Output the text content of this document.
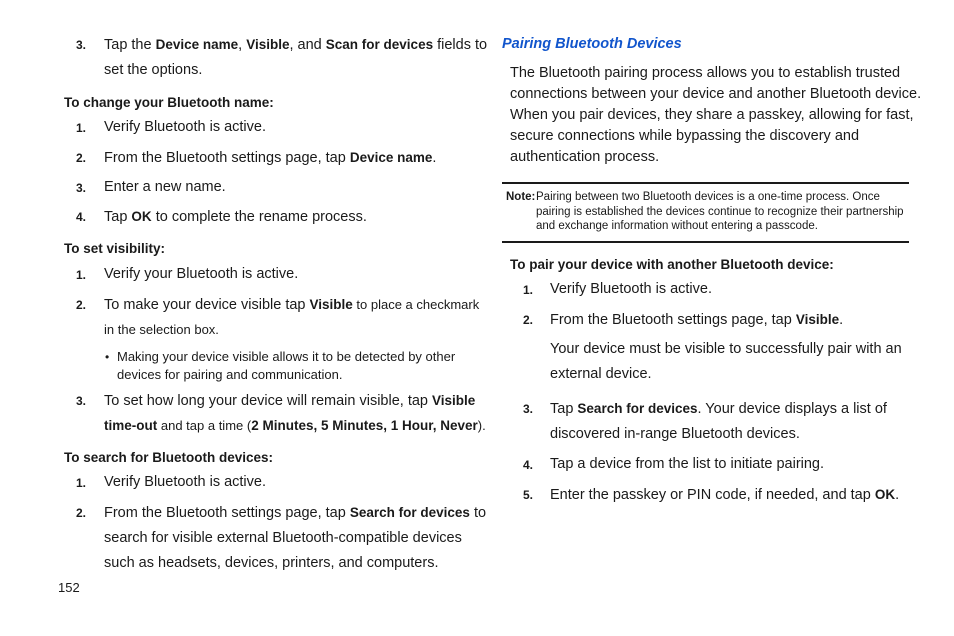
3. Tap the Device name, Visible, and Scan for devices fields to
set the options.
To change your Bluetooth name:
1. Verify Bluetooth is active.
2. From the Bluetooth settings page, tap Device name.
3. Enter a new name.
4. Tap OK to complete the rename process.
To set visibility:
1. Verify your Bluetooth is active.
2. To make your device visible tap Visible to place a checkmark
in the selection box.
• Making your device visible allows it to be detected by other
devices for pairing and communication.
3. To set how long your device will remain visible, tap Visible
time-out and tap a time (2 Minutes, 5 Minutes, 1 Hour, Never).
To search for Bluetooth devices:
1. Verify Bluetooth is active.
2. From the Bluetooth settings page, tap Search for devices to
search for visible external Bluetooth-compatible devices
such as headsets, devices, printers, and computers.
152
Pairing Bluetooth Devices
The Bluetooth pairing process allows you to establish trusted
connections between your device and another Bluetooth device.
When you pair devices, they share a passkey, allowing for fast,
secure connections while bypassing the discovery and
authentication process.
Note: Pairing between two Bluetooth devices is a one-time process. Once
pairing is established the devices continue to recognize their partnership
and exchange information without entering a passcode.
To pair your device with another Bluetooth device:
1. Verify Bluetooth is active.
2. From the Bluetooth settings page, tap Visible.
Your device must be visible to successfully pair with an
external device.
3. Tap Search for devices. Your device displays a list of
discovered in-range Bluetooth devices.
4. Tap a device from the list to initiate pairing.
5. Enter the passkey or PIN code, if needed, and tap OK.
